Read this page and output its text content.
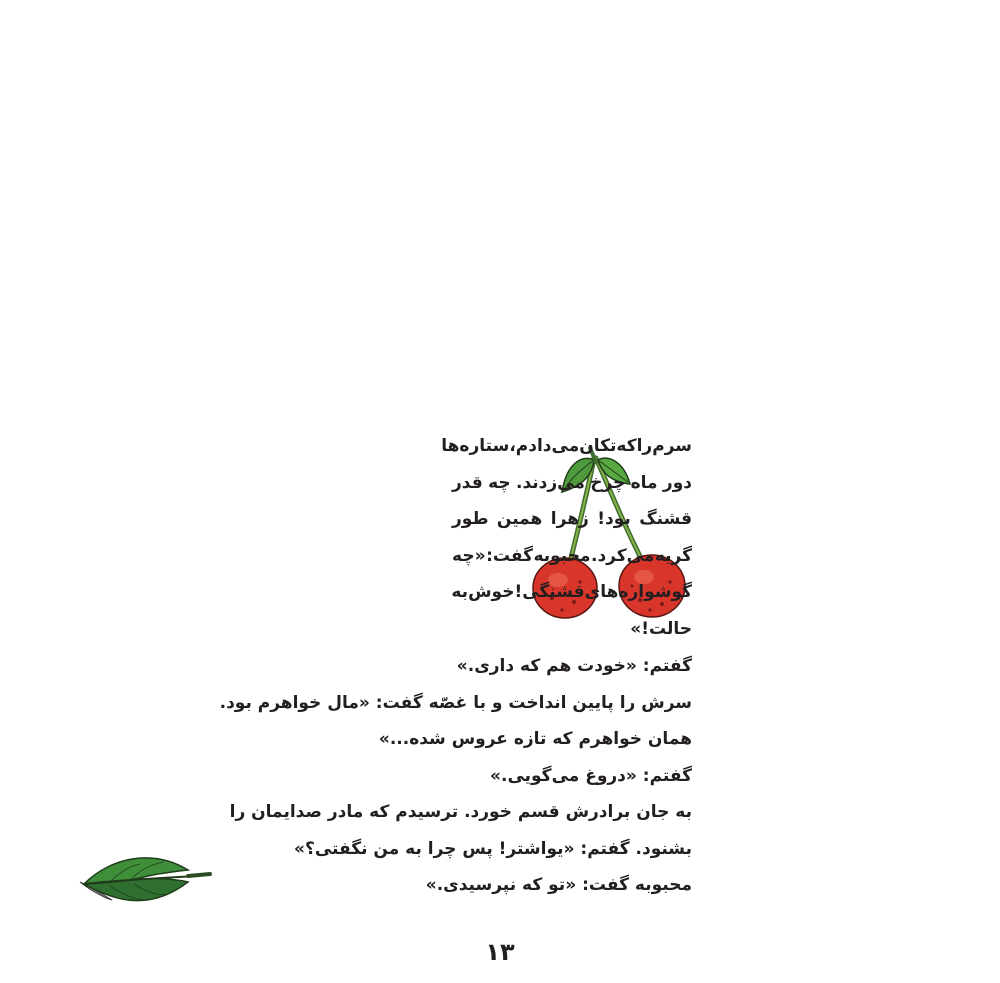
سرم
را
که
تکان
می‌دادم،
ستاره‌ها
دور
ماه
چرخ
می‌زدند.
چه
قدر
قشنگ
بود!
زهرا
همین
طور
گریه
می‌کرد.
محبوبه
گفت:
«چه
گوشواره‌های
قشنگی!
خوش
به
حالت!»
گفتم: «خودت هم که داری.»
سرش را پایین انداخت و با غصّه گفت: «مال خواهرم بود.
همان خواهرم که تازه عروس شده...»
گفتم: «دروغ می‌گویی.»
به جان برادرش قسم خورد. ترسیدم که مادر صدایمان را
بشنود. گفتم: «یواشتر! پس چرا به من نگفتی؟»
محبوبه گفت: «تو که نپرسیدی.»
۱۳
